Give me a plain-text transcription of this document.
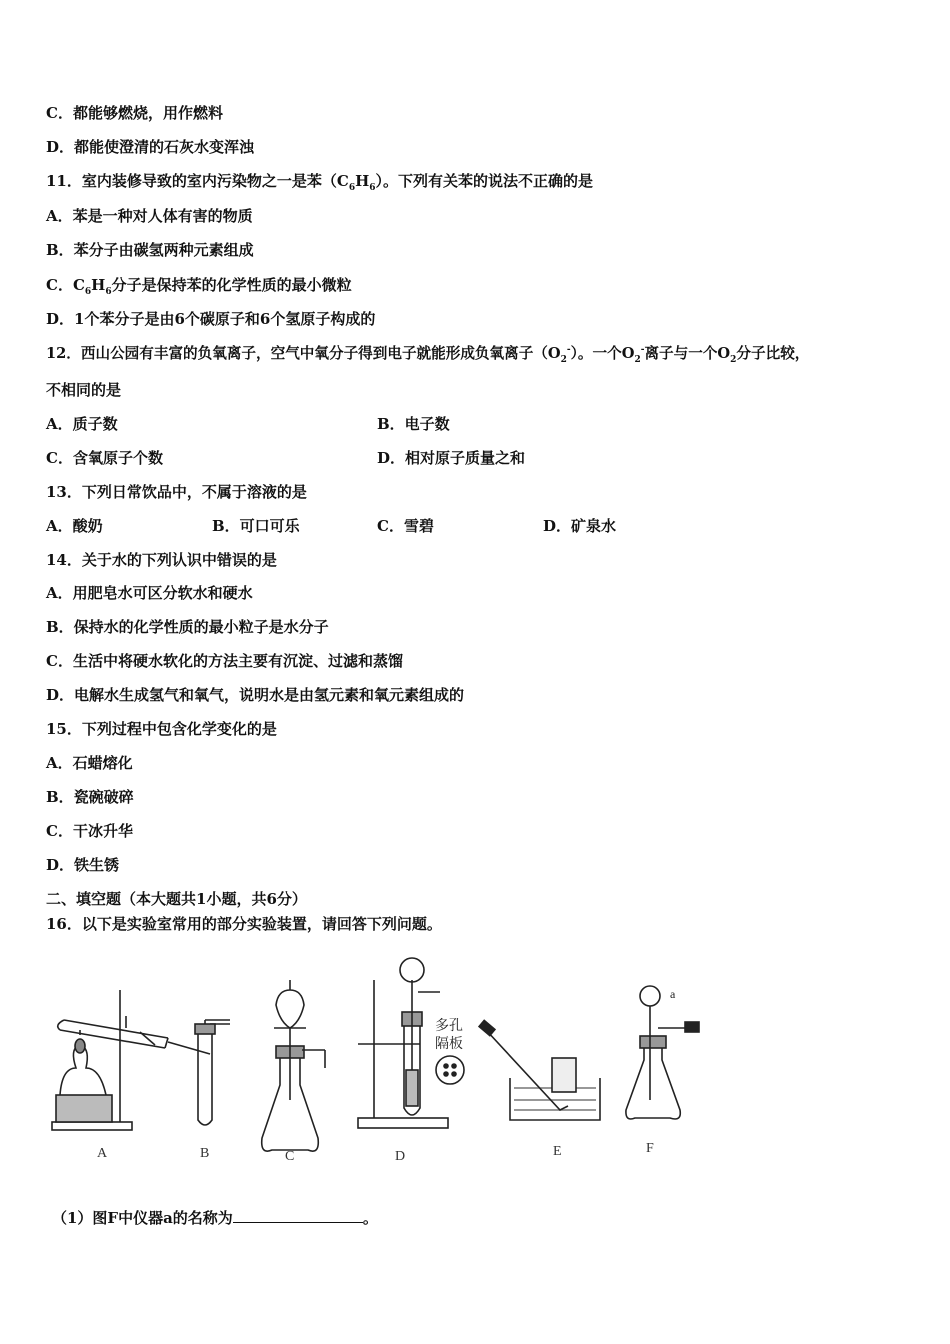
C．都能够燃烧，用作燃料
D．都能使澄清的石灰水变浑浊
11．室内装修导致的室内污染物之一是苯$(C_6H_6)$。下列有关苯的说法不正确的是
A．苯是一种对人体有害的物质
B．苯分子由碳氢两种元素组成
C．$C_6H_6$分子是保持苯的化学性质的最小微粒
D．1个苯分子是由6个碳原子和6个氢原子构成的
12．西山公园有丰富的负氧离子，空气中氧分子得到电子就能形成负氧离子$(O_2^-)$。一个$O_2^-$离子与一个$O_2$分子比较，
不相同的是
A．质子数	B．电子数
C．含氧原子个数	D．相对原子质量之和
13．下列日常饮品中，不属于溶液的是
A．酸奶	B．可口可乐	C．雪碧	D．矿泉水
14．关于水的下列认识中错误的是
A．用肥皂水可区分软水和硬水
B．保持水的化学性质的最小粒子是水分子
C．生活中将硬水软化的方法主要有沉淀、过滤和蒸馏
D．电解水生成氢气和氧气，说明水是由氢元素和氧元素组成的
15．下列过程中包含化学变化的是
A．石蜡熔化
B．瓷碗破碎
C．干冰升华
D．铁生锈
二、填空题（本大题共1小题，共6分）
16．以下是实验室常用的部分实验装置，请回答下列问题。
多孔
隔板
a
A	B	C	D	E	F
（1）图F中仪器a的名称为	。
